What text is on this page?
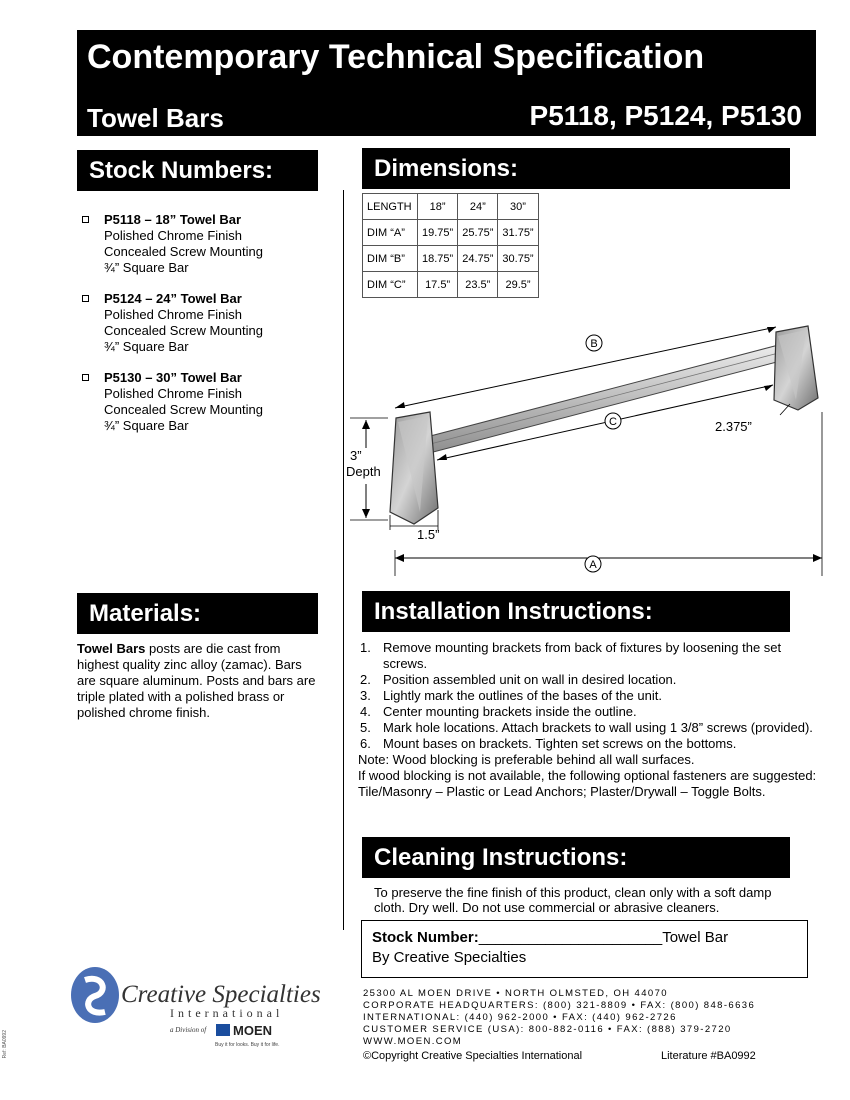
Contemporary Technical Specification
Towel Bars	P5118, P5124, P5130
Stock Numbers:
P5118 – 18” Towel Bar
Polished Chrome Finish
Concealed Screw Mounting
¾” Square Bar
P5124 – 24” Towel Bar
Polished Chrome Finish
Concealed Screw Mounting
¾” Square Bar
P5130 – 30” Towel Bar
Polished Chrome Finish
Concealed Screw Mounting
¾” Square Bar
Dimensions:
LENGTH	18”	24”	30”
DIM “A”	19.75”	25.75”	31.75”
DIM “B”	18.75”	24.75”	30.75”
DIM “C”	17.5”	23.5”	29.5”
B
C	2.375”
3”
Depth
1.5”
A
Materials:
Towel Bars posts are die cast from highest quality zinc alloy (zamac). Bars are square aluminum. Posts and bars are triple plated with a polished brass or polished chrome finish.
Installation Instructions:
1. Remove mounting brackets from back of fixtures by loosening the set screws.
2. Position assembled unit on wall in desired location.
3. Lightly mark the outlines of the bases of the unit.
4. Center mounting brackets inside the outline.
5. Mark hole locations. Attach brackets to wall using 1 3/8” screws (provided).
6. Mount bases on brackets. Tighten set screws on the bottoms.
Note: Wood blocking is preferable behind all wall surfaces.
If wood blocking is not available, the following optional fasteners are suggested: Tile/Masonry – Plastic or Lead Anchors; Plaster/Drywall – Toggle Bolts.
Cleaning Instructions:
To preserve the fine finish of this product, clean only with a soft damp cloth. Dry well. Do not use commercial or abrasive cleaners.
Stock Number:______________________Towel Bar
By Creative Specialties
25300 AL MOEN DRIVE • NORTH OLMSTED, OH 44070
CORPORATE HEADQUARTERS: (800) 321-8809 • FAX: (800) 848-6636
INTERNATIONAL: (440) 962-2000 • FAX: (440) 962-2726
CUSTOMER SERVICE (USA): 800-882-0116 • FAX: (888) 379-2720
WWW.MOEN.COM
©Copyright Creative Specialties International	Literature #BA0992
Creative Specialties
International
a Division of MOEN
Buy it for looks. Buy it for life.
Ref: BA0992
